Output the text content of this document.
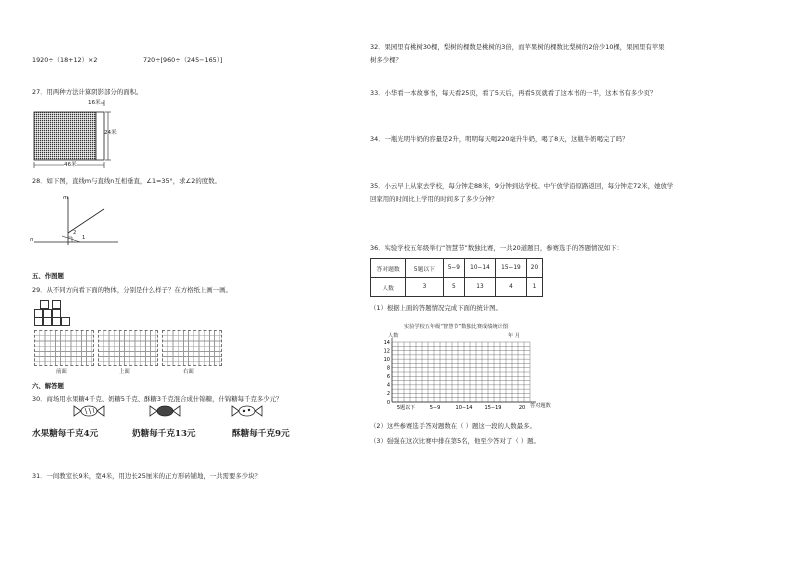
1920÷（18+12）×2	720÷[960÷（245−165）]
27．用两种方法计算阴影部分的面积。
16米
24米
46米
28．如下图，直线m与直线n互相垂直，∠1=35°，求∠2的度数。
m
n
2
1
五、作图题
29．从不同方向看下面的物体，分别是什么样子？在方格纸上画一画。
前面	上面	右面
六、解答题
30．商场用水果糖4千克、奶糖5千克、酥糖3千克混合成什锦糖，什锦糖每千克多少元？
水果糖每千克4元	奶糖每千克13元	酥糖每千克9元
31．一间教室长9米，宽4米，用边长25厘米的正方形砖铺地，一共需要多少块？
32．果园里有桃树30棵，梨树的棵数是桃树的3倍，而苹果树的棵数比梨树的2倍少10棵，果园里有苹果
树多少棵？
33．小华看一本故事书，每天看25页，看了5天后，再看5页就看了这本书的一半，这本书有多少页？
34．一瓶光明牛奶的容量是2升，明明每天喝220毫升牛奶，喝了8天，这瓶牛奶喝完了吗？
35．小云早上从家去学校，每分钟走88米，9分钟到达学校。中午放学沿原路返回，每分钟走72米，她放学
回家用的时间比上学用的时间多了多少分钟？
36．实验学校五年级举行“智慧节”数独比赛，一共20道题目，参赛选手的答题情况如下：
答对题数	5题以下	5−9	10−14	15−19	20
人数	3	5	13	4	1
（1）根据上面的答题情况完成下面的统计图。
实验学校五年级“智慧节”数独比赛成绩统计图
人数	年 月
0
2
4
6
8
10
12
14
5题以下	5−9	10−14 15−19	20 答对题数
（2）这些参赛选手答对题数在（ ）题这一段的人数最多。
（3）强强在这次比赛中排在第5名，他至少答对了（ ）题。
